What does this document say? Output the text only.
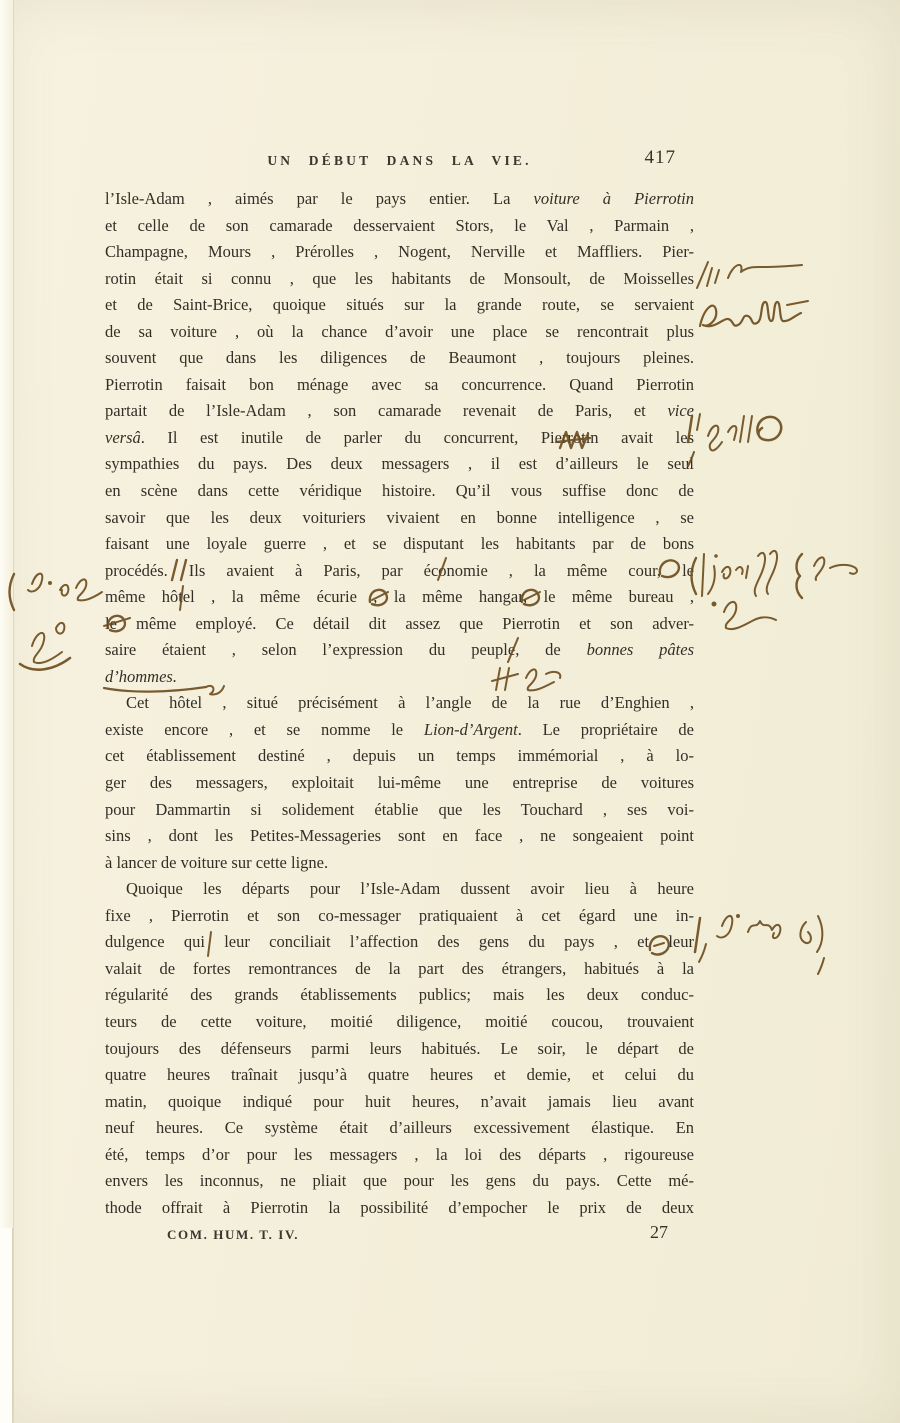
UN DÉBUT DANS LA VIE.	417
l’Isle-Adam , aimés par le pays entier. La voiture à Pierrotin
et celle de son camarade desservaient Stors, le Val , Parmain ,
Champagne, Mours , Prérolles , Nogent, Nerville et Maffliers. Pier-
rotin était si connu , que les habitants de Monsoult, de Moisselles
et de Saint-Brice, quoique situés sur la grande route, se servaient
de sa voiture , où la chance d’avoir une place se rencontrait plus
souvent que dans les diligences de Beaumont , toujours pleines.
Pierrotin faisait bon ménage avec sa concurrence. Quand Pierrotin
partait de l’Isle-Adam , son camarade revenait de Paris, et vice
versâ. Il est inutile de parler du concurrent, Pierrotin avait les
sympathies du pays. Des deux messagers , il est d’ailleurs le seul
en scène dans cette véridique histoire. Qu’il vous suffise donc de
savoir que les deux voituriers vivaient en bonne intelligence , se
faisant une loyale guerre , et se disputant les habitants par de bons
procédés. Ils avaient à Paris, par économie , la même cour, le
même hôtel , la même écurie , la même hangar, le même bureau ,
le même employé. Ce détail dit assez que Pierrotin et son adver-
saire étaient , selon l’expression du peuple, de bonnes pâtes
d’hommes.
Cet hôtel , situé précisément à l’angle de la rue d’Enghien ,
existe encore , et se nomme le Lion-d’Argent. Le propriétaire de
cet établissement destiné , depuis un temps immémorial , à lo-
ger des messagers, exploitait lui-même une entreprise de voitures
pour Dammartin si solidement établie que les Touchard , ses voi-
sins , dont les Petites-Messageries sont en face , ne songeaient point
à lancer de voiture sur cette ligne.
Quoique les départs pour l’Isle-Adam dussent avoir lieu à heure
fixe , Pierrotin et son co-messager pratiquaient à cet égard une in-
dulgence qui leur conciliait l’affection des gens du pays , et leur
valait de fortes remontrances de la part des étrangers, habitués à la
régularité des grands établissements publics; mais les deux conduc-
teurs de cette voiture, moitié diligence, moitié coucou, trouvaient
toujours des défenseurs parmi leurs habitués. Le soir, le départ de
quatre heures traînait jusqu’à quatre heures et demie, et celui du
matin, quoique indiqué pour huit heures, n’avait jamais lieu avant
neuf heures. Ce système était d’ailleurs excessivement élastique. En
été, temps d’or pour les messagers , la loi des départs , rigoureuse
envers les inconnus, ne pliait que pour les gens du pays. Cette mé-
thode offrait à Pierrotin la possibilité d’empocher le prix de deux
COM. HUM. T. IV.	27
